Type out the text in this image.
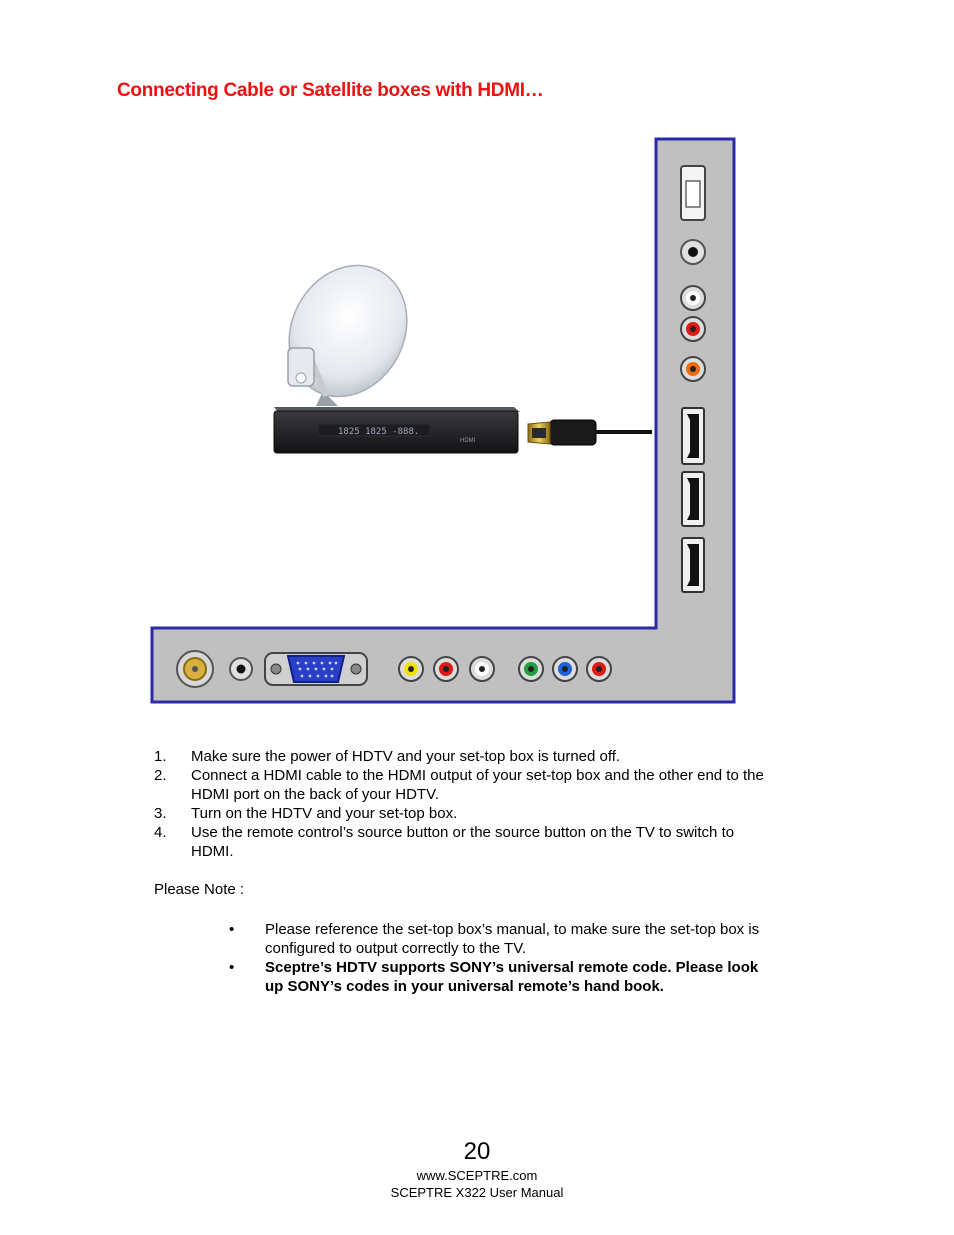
Connecting Cable or Satellite boxes with HDMI…
1825 1825 -888.
HDMI
1. Make sure the power of HDTV and your set-top box is turned off.
2. Connect a HDMI cable to the HDMI output of your set-top box and the other end to the HDMI port on the back of your HDTV.
3. Turn on the HDTV and your set-top box.
4. Use the remote control’s source button or the source button on the TV to switch to HDMI.

Please Note :

• Please reference the set-top box’s manual, to make sure the set-top box is configured to output correctly to the TV.
• Sceptre’s HDTV supports SONY’s universal remote code. Please look up SONY’s codes in your universal remote’s hand book.
20
www.SCEPTRE.com
SCEPTRE X322 User Manual
